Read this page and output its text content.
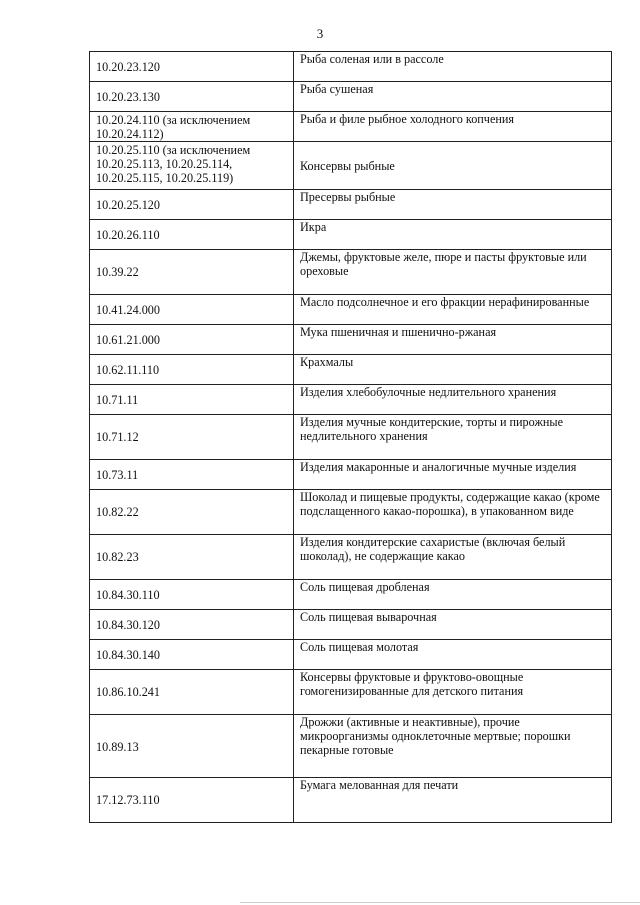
3
10.20.23.120	Рыба соленая или в рассоле
10.20.23.130	Рыба сушеная
10.20.24.110 (за исключением 10.20.24.112)	Рыба и филе рыбное холодного копчения
10.20.25.110 (за исключением 10.20.25.113, 10.20.25.114, 10.20.25.115, 10.20.25.119)	Консервы рыбные
10.20.25.120	Пресервы рыбные
10.20.26.110	Икра
10.39.22	Джемы, фруктовые желе, пюре и пасты фруктовые или ореховые
10.41.24.000	Масло подсолнечное и его фракции нерафинированные
10.61.21.000	Мука пшеничная и пшенично-ржаная
10.62.11.110	Крахмалы
10.71.11	Изделия хлебобулочные недлительного хранения
10.71.12	Изделия мучные кондитерские, торты и пирожные недлительного хранения
10.73.11	Изделия макаронные и аналогичные мучные изделия
10.82.22	Шоколад и пищевые продукты, содержащие какао (кроме подслащенного какао-порошка), в упакованном виде
10.82.23	Изделия кондитерские сахаристые (включая белый шоколад), не содержащие какао
10.84.30.110	Соль пищевая дробленая
10.84.30.120	Соль пищевая выварочная
10.84.30.140	Соль пищевая молотая
10.86.10.241	Консервы фруктовые и фруктово-овощные гомогенизированные для детского питания
10.89.13	Дрожжи (активные и неактивные), прочие микроорганизмы одноклеточные мертвые; порошки пекарные готовые
17.12.73.110	Бумага мелованная для печати
